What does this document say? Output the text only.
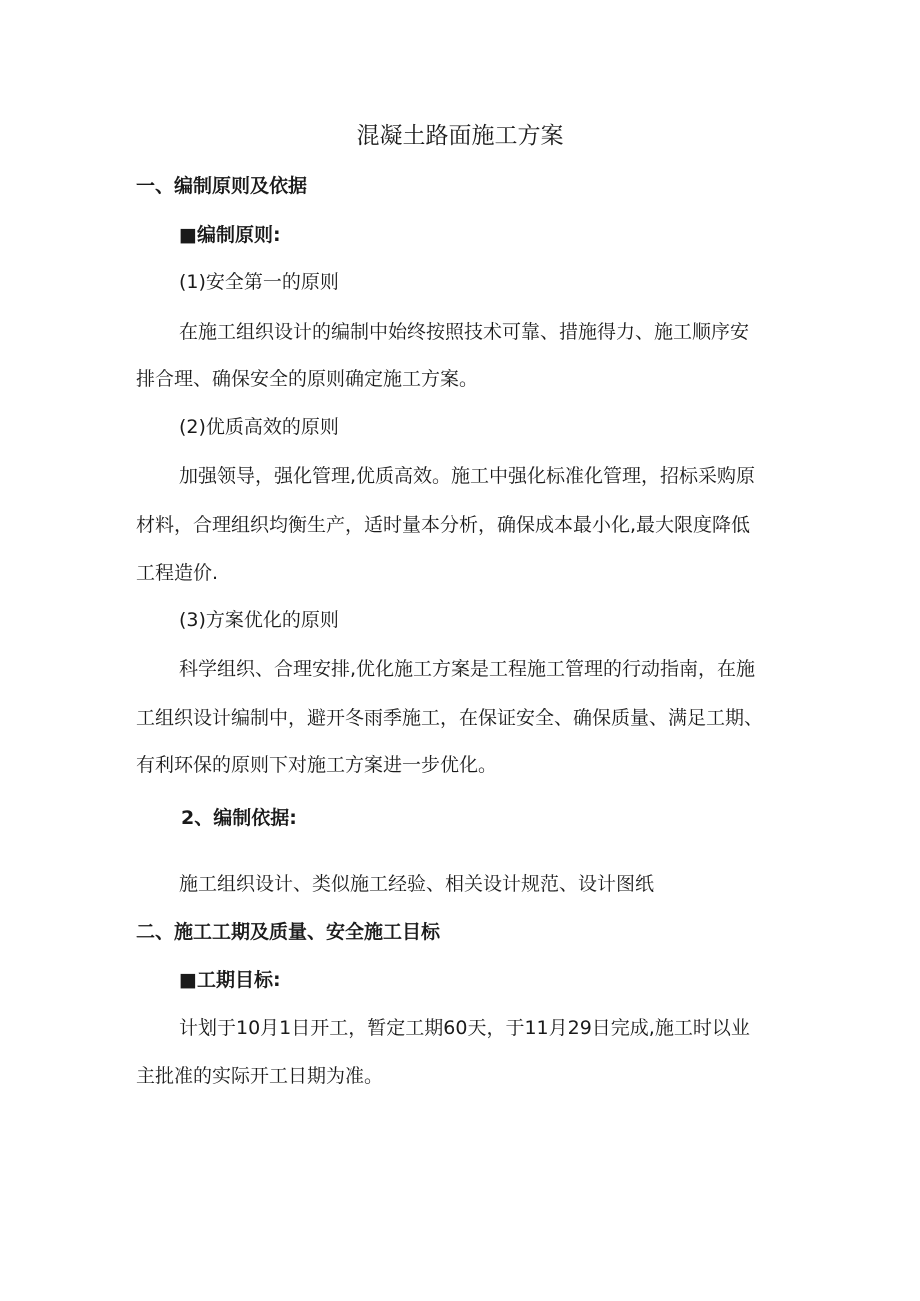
混凝土路面施工方案
一、编制原则及依据
■编制原则:
(1)安全第一的原则
在施工组织设计的编制中始终按照技术可靠、措施得力、施工顺序安
排合理、确保安全的原则确定施工方案。
(2)优质高效的原则
加强领导，强化管理,优质高效。施工中强化标准化管理，招标采购原
材料，合理组织均衡生产，适时量本分析，确保成本最小化,最大限度降低
工程造价.
(3)方案优化的原则
科学组织、合理安排,优化施工方案是工程施工管理的行动指南，在施
工组织设计编制中，避开冬雨季施工，在保证安全、确保质量、满足工期、
有利环保的原则下对施工方案进一步优化。
2、编制依据:
施工组织设计、类似施工经验、相关设计规范、设计图纸
二、施工工期及质量、安全施工目标
■工期目标:
计划于10月1日开工，暂定工期60天，于11月29日完成,施工时以业
主批准的实际开工日期为准。
